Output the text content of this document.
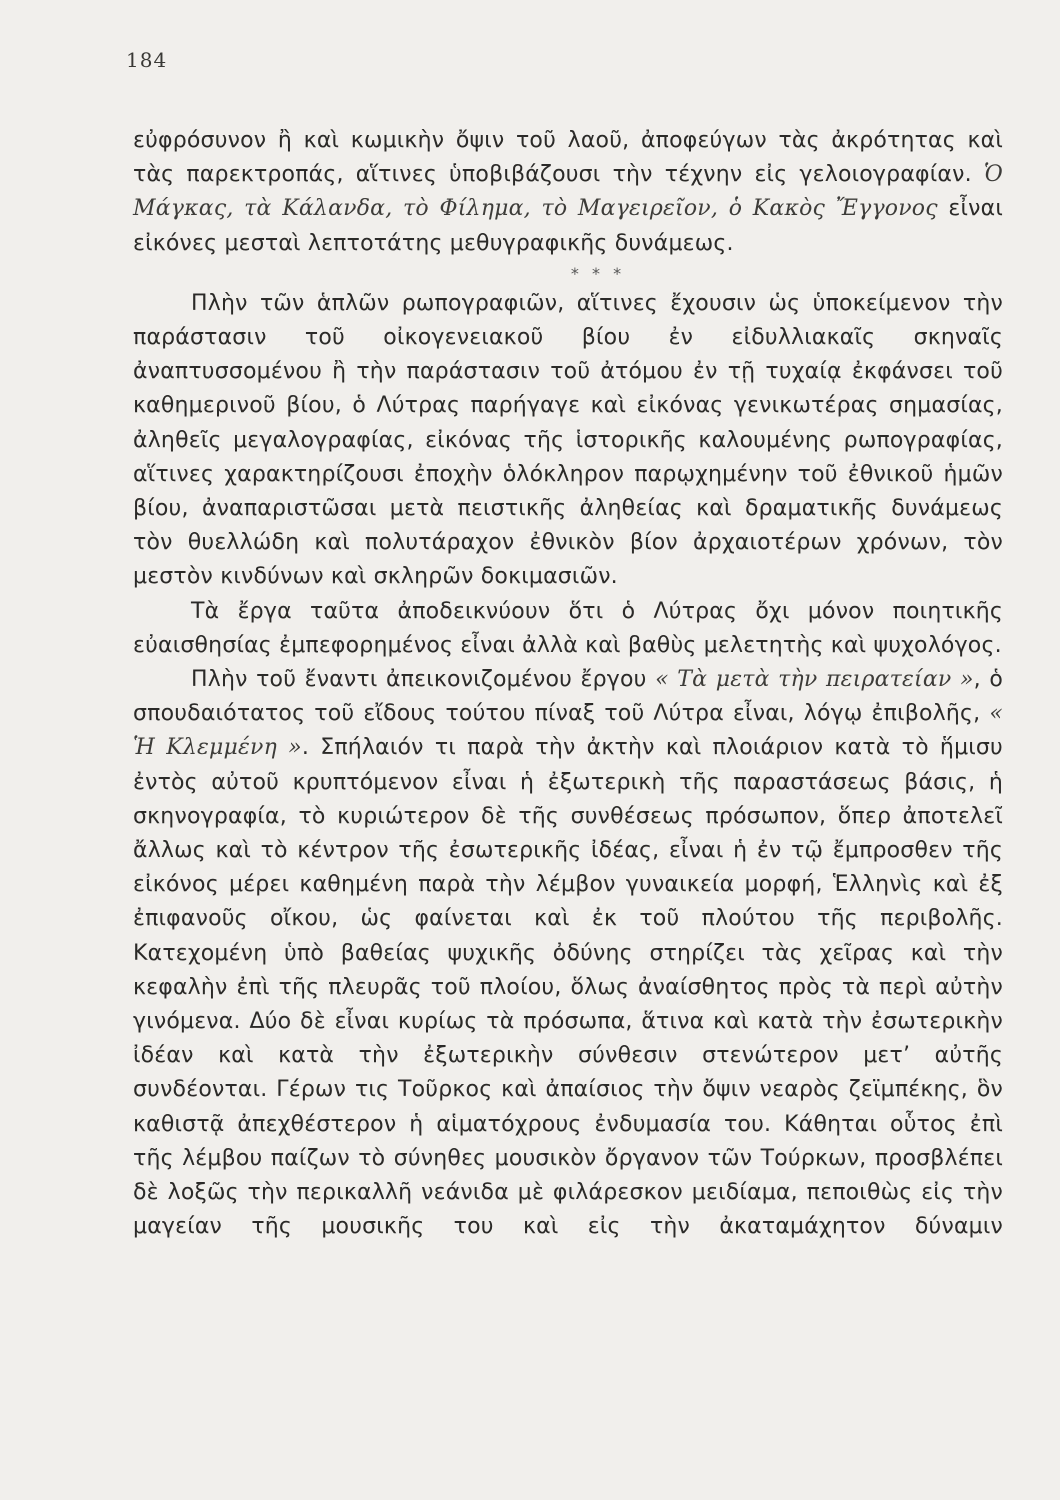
184

εὐφρόσυνον ἢ καὶ κωμικὴν ὄψιν τοῦ λαοῦ, ἀποφεύγων τὰς ἀκρότητας καὶ τὰς παρεκτροπάς, αἵτινες ὑποβιβάζουσι τὴν τέχνην εἰς γελοιογραφίαν. Ὁ Μάγκας, τὰ Κάλανδα, τὸ Φίλημα, τὸ Μαγειρεῖον, ὁ Κακὸς Ἔγγονος εἶναι εἰκόνες μεσταὶ λεπτοτάτης μεθυγραφικῆς δυνάμεως.

* * *

Πλὴν τῶν ἁπλῶν ρωπογραφιῶν, αἵτινες ἔχουσιν ὡς ὑποκείμενον τὴν παράστασιν τοῦ οἰκογενειακοῦ βίου ἐν εἰδυλλιακαῖς σκηναῖς ἀναπτυσσομένου ἢ τὴν παράστασιν τοῦ ἀτόμου ἐν τῇ τυχαίᾳ ἐκφάνσει τοῦ καθημερινοῦ βίου, ὁ Λύτρας παρήγαγε καὶ εἰκόνας γενικωτέρας σημασίας, ἀληθεῖς μεγαλογραφίας, εἰκόνας τῆς ἱστορικῆς καλουμένης ρωπογραφίας, αἵτινες χαρακτηρίζουσι ἐποχὴν ὁλόκληρον παρῳχημένην τοῦ ἐθνικοῦ ἡμῶν βίου, ἀναπαριστῶσαι μετὰ πειστικῆς ἀληθείας καὶ δραματικῆς δυνάμεως τὸν θυελλώδη καὶ πολυτάραχον ἐθνικὸν βίον ἀρχαιοτέρων χρόνων, τὸν μεστὸν κινδύνων καὶ σκληρῶν δοκιμασιῶν.

Τὰ ἔργα ταῦτα ἀποδεικνύουν ὅτι ὁ Λύτρας ὄχι μόνον ποιητικῆς εὐαισθησίας ἐμπεφορημένος εἶναι ἀλλὰ καὶ βαθὺς μελετητὴς καὶ ψυχολόγος.

Πλὴν τοῦ ἔναντι ἀπεικονιζομένου ἔργου « Τὰ μετὰ τὴν πειρατείαν », ὁ σπουδαιότατος τοῦ εἴδους τούτου πίναξ τοῦ Λύτρα εἶναι, λόγῳ ἐπιβολῆς, « Ἡ Κλεμμένη ». Σπήλαιόν τι παρὰ τὴν ἀκτὴν καὶ πλοιάριον κατὰ τὸ ἥμισυ ἐντὸς αὐτοῦ κρυπτόμενον εἶναι ἡ ἐξωτερικὴ τῆς παραστάσεως βάσις, ἡ σκηνογραφία, τὸ κυριώτερον δὲ τῆς συνθέσεως πρόσωπον, ὅπερ ἀποτελεῖ ἄλλως καὶ τὸ κέντρον τῆς ἐσωτερικῆς ἰδέας, εἶναι ἡ ἐν τῷ ἔμπροσθεν τῆς εἰκόνος μέρει καθημένη παρὰ τὴν λέμβον γυναικεία μορφή, Ἑλληνὶς καὶ ἐξ ἐπιφανοῦς οἴκου, ὡς φαίνεται καὶ ἐκ τοῦ πλούτου τῆς περιβολῆς. Κατεχομένη ὑπὸ βαθείας ψυχικῆς ὀδύνης στηρίζει τὰς χεῖρας καὶ τὴν κεφαλὴν ἐπὶ τῆς πλευρᾶς τοῦ πλοίου, ὅλως ἀναίσθητος πρὸς τὰ περὶ αὐτὴν γινόμενα. Δύο δὲ εἶναι κυρίως τὰ πρόσωπα, ἅτινα καὶ κατὰ τὴν ἐσωτερικὴν ἰδέαν καὶ κατὰ τὴν ἐξωτερικὴν σύνθεσιν στενώτερον μετ’ αὐτῆς συνδέονται. Γέρων τις Τοῦρκος καὶ ἀπαίσιος τὴν ὄψιν νεαρὸς ζεϊμπέκης, ὃν καθιστᾷ ἀπεχθέστερον ἡ αἱματόχρους ἐνδυμασία του. Κάθηται οὗτος ἐπὶ τῆς λέμβου παίζων τὸ σύνηθες μουσικὸν ὄργανον τῶν Τούρκων, προσβλέπει δὲ λοξῶς τὴν περικαλλῆ νεάνιδα μὲ φιλάρεσκον μειδίαμα, πεποιθὼς εἰς τὴν μαγείαν τῆς μουσικῆς του καὶ εἰς τὴν ἀκαταμάχητον δύναμιν
